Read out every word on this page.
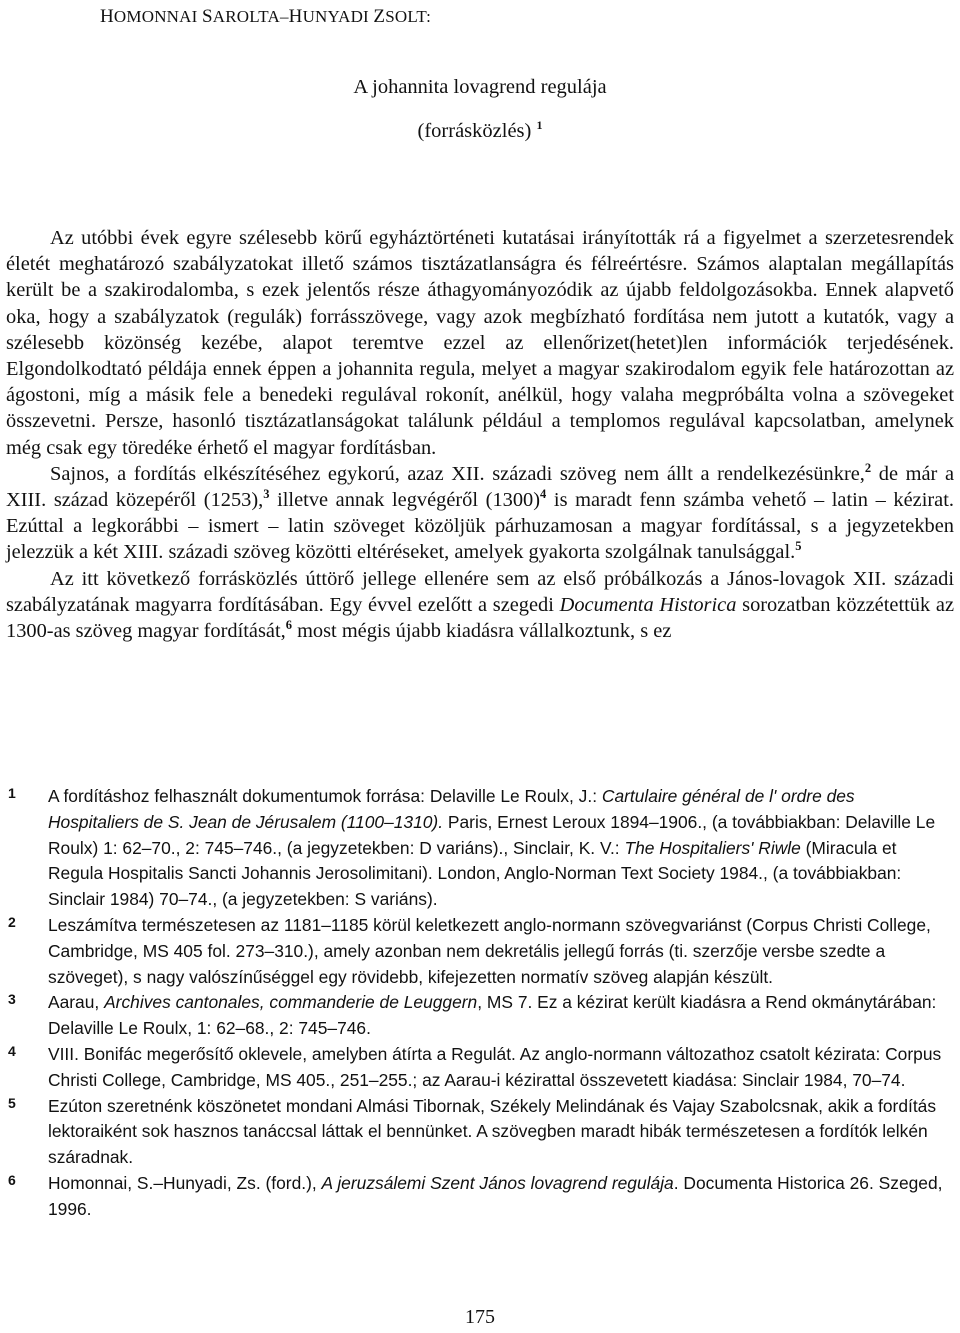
HOMONNAI SAROLTA–HUNYADI ZSOLT:
A johannita lovagrend regulája
(forrásközlés) $^1$

Az utóbbi évek egyre szélesebb körű egyháztörténeti kutatásai irányították rá a figyelmet a szerzetesrendek életét meghatározó szabályzatokat illető számos tisztázatlanságra és félreértésre. Számos alaptalan megállapítás került be a szakirodalomba, s ezek jelentős része áthagyományozódik az újabb feldolgozásokba. Ennek alapvető oka, hogy a szabályzatok (regulák) forrásszövege, vagy azok megbízható fordítása nem jutott a kutatók, vagy a szélesebb közönség kezébe, alapot teremtve ezzel az ellenőrizet(hetet)len információk terjedésének. Elgondolkodtató példája ennek éppen a johannita regula, melyet a magyar szakirodalom egyik fele határozottan az ágostoni, míg a másik fele a benedeki regulával rokonít, anélkül, hogy valaha megpróbálta volna a szövegeket összevetni. Persze, hasonló tisztázatlanságokat találunk például a templomos regulával kapcsolatban, amelynek még csak egy töredéke érhető el magyar fordításban.

Sajnos, a fordítás elkészítéséhez egykorú, azaz XII. századi szöveg nem állt a rendelkezésünkre,$^2$ de már a XIII. század közepéről (1253),$^3$ illetve annak legvégéről $(1300)^4$ is maradt fenn számba vehető – latin – kézirat. Ezúttal a legkorábbi – ismert – latin szöveget közöljük párhuzamosan a magyar fordítással, s a jegyzetekben jelezzük a két XIII. századi szöveg közötti eltéréseket, amelyek gyakorta szolgálnak tanulsággal.$^5$

Az itt következő forrásközlés úttörő jellege ellenére sem az első próbálkozás a János-lovagok XII. századi szabályzatának magyarra fordításában. Egy évvel ezelőtt a szegedi Documenta Historica sorozatban közzétettük az 1300-as szöveg magyar fordítását,$^6$ most mégis újabb kiadásra vállalkoztunk, s ez

1 A fordításhoz felhasznált dokumentumok forrása: Delaville Le Roulx, J.: Cartulaire général de l' ordre des Hospitaliers de S. Jean de Jérusalem (1100–1310). Paris, Ernest Leroux 1894–1906., (a továbbiakban: Delaville Le Roulx) 1: 62–70., 2: 745–746., (a jegyzetekben: D variáns)., Sinclair, K. V.: The Hospitaliers' Riwle (Miracula et Regula Hospitalis Sancti Johannis Jerosolimitani). London, Anglo-Norman Text Society 1984., (a továbbiakban: Sinclair 1984) 70–74., (a jegyzetekben: S variáns).
2 Leszámítva természetesen az 1181–1185 körül keletkezett anglo-normann szövegvariánst (Corpus Christi College, Cambridge, MS 405 fol. 273–310.), amely azonban nem dekretális jellegű forrás (ti. szerzője versbe szedte a szöveget), s nagy valószínűséggel egy rövidebb, kifejezetten normatív szöveg alapján készült.
3 Aarau, Archives cantonales, commanderie de Leuggern, MS 7. Ez a kézirat került kiadásra a Rend okmánytárában: Delaville Le Roulx, 1: 62–68., 2: 745–746.
4 VIII. Bonifác megerősítő oklevele, amelyben átírta a Regulát. Az anglo-normann változathoz csatolt kézirata: Corpus Christi College, Cambridge, MS 405., 251–255.; az Aarau-i kézirattal összevetett kiadása: Sinclair 1984, 70–74.
5 Ezúton szeretnénk köszönetet mondani Almási Tibornak, Székely Melindának és Vajay Szabolcsnak, akik a fordítás lektoraiként sok hasznos tanáccsal láttak el bennünket. A szövegben maradt hibák természetesen a fordítók lelkén száradnak.
6 Homonnai, S.–Hunyadi, Zs. (ford.), A jeruzsálemi Szent János lovagrend regulája. Documenta Historica 26. Szeged, 1996.
175
